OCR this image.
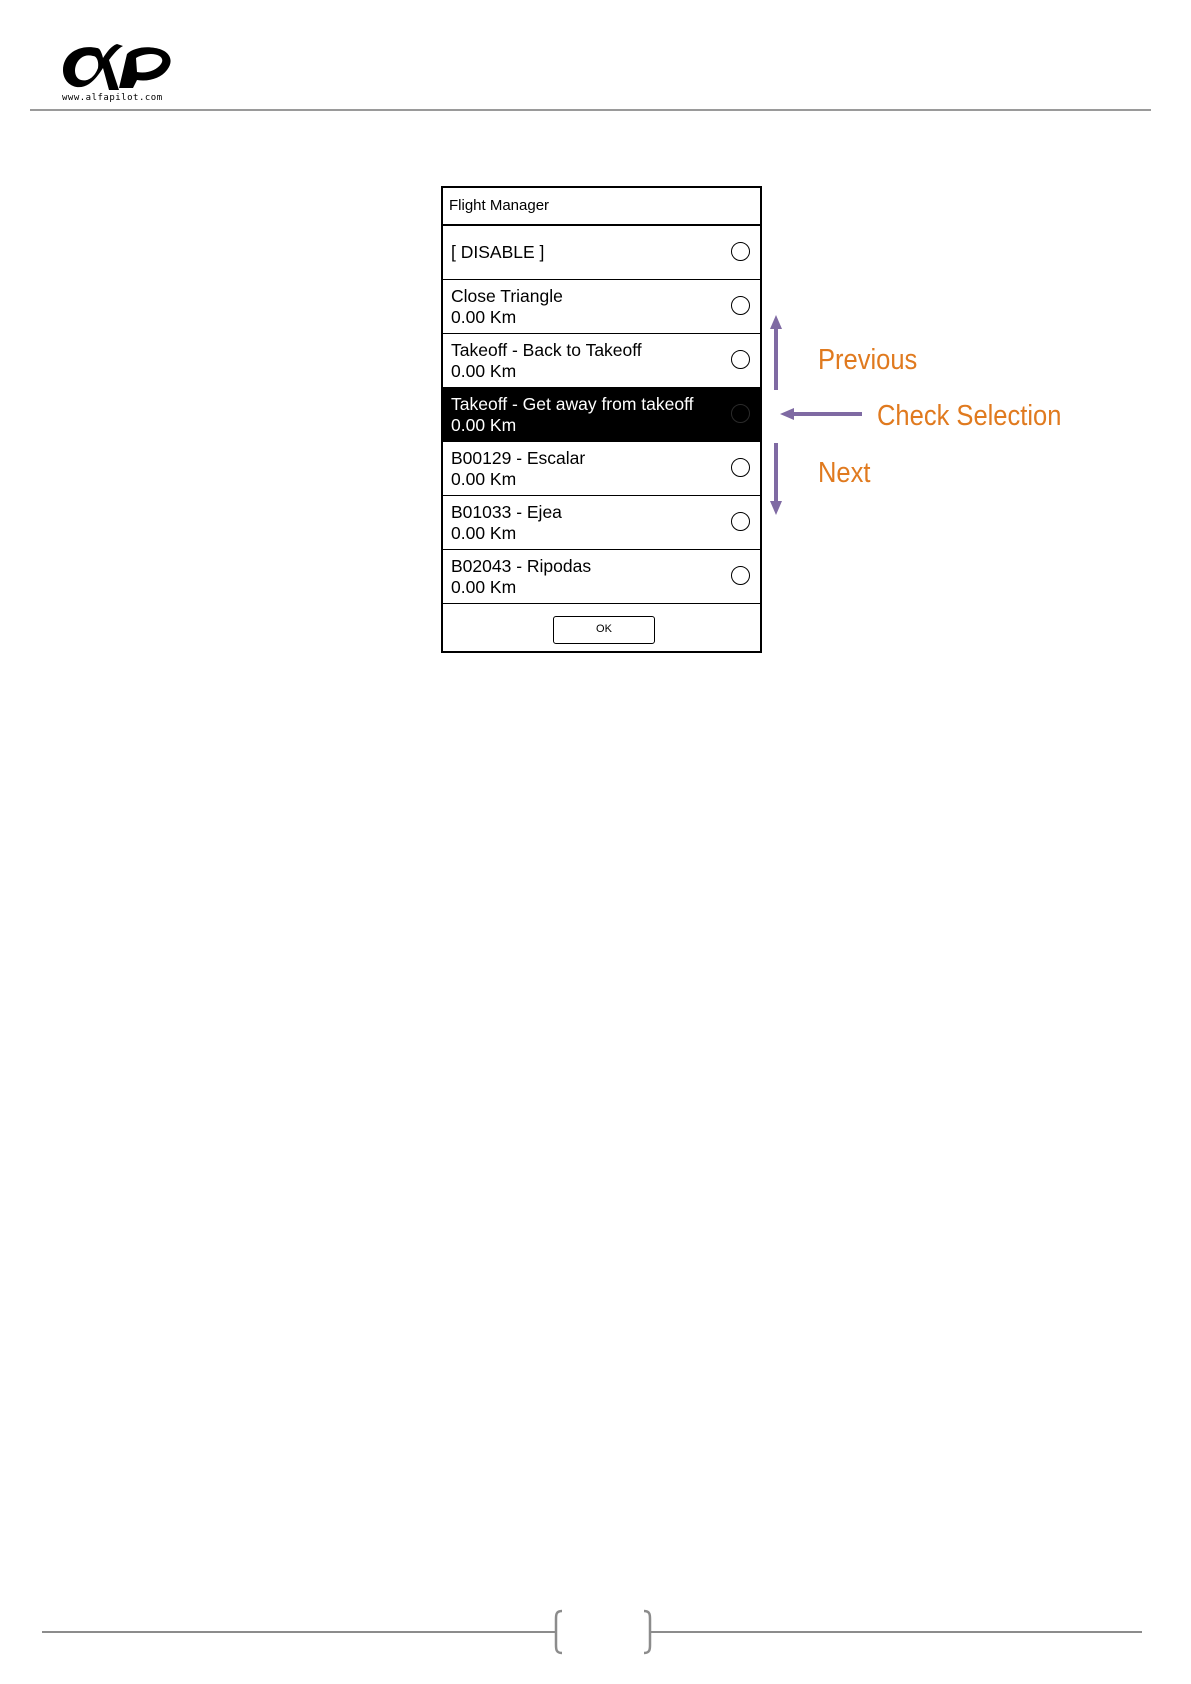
www.alfapilot.com
Flight Manager
[ DISABLE ]
Close Triangle
0.00 Km
Takeoff - Back to Takeoff
0.00 Km
Takeoff - Get away from takeoff
0.00 Km
B00129 - Escalar
0.00 Km
B01033 - Ejea
0.00 Km
B02043 - Ripodas
0.00 Km
OK
Previous
Check Selection
Next
